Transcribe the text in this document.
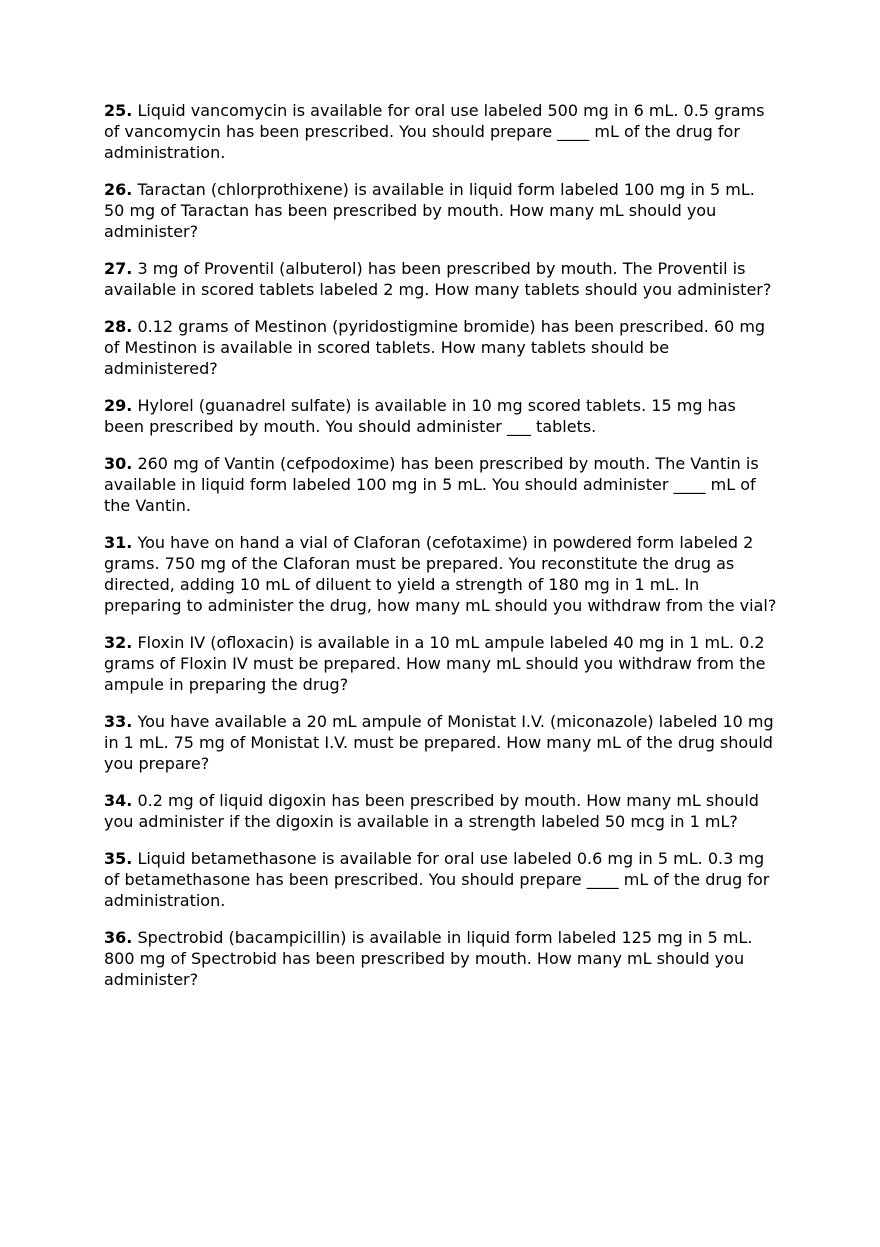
25. Liquid vancomycin is available for oral use labeled 500 mg in 6 mL. 0.5 grams of vancomycin has been prescribed. You should prepare ____ mL of the drug for administration.

26. Taractan (chlorprothixene) is available in liquid form labeled 100 mg in 5 mL. 50 mg of Taractan has been prescribed by mouth. How many mL should you administer?

27. 3 mg of Proventil (albuterol) has been prescribed by mouth. The Proventil is available in scored tablets labeled 2 mg. How many tablets should you administer?

28. 0.12 grams of Mestinon (pyridostigmine bromide) has been prescribed. 60 mg of Mestinon is available in scored tablets. How many tablets should be administered?

29. Hylorel (guanadrel sulfate) is available in 10 mg scored tablets. 15 mg has been prescribed by mouth. You should administer ___ tablets.

30. 260 mg of Vantin (cefpodoxime) has been prescribed by mouth. The Vantin is available in liquid form labeled 100 mg in 5 mL. You should administer ____ mL of the Vantin.

31. You have on hand a vial of Claforan (cefotaxime) in powdered form labeled 2 grams. 750 mg of the Claforan must be prepared. You reconstitute the drug as directed, adding 10 mL of diluent to yield a strength of 180 mg in 1 mL. In preparing to administer the drug, how many mL should you withdraw from the vial?

32. Floxin IV (ofloxacin) is available in a 10 mL ampule labeled 40 mg in 1 mL. 0.2 grams of Floxin IV must be prepared. How many mL should you withdraw from the ampule in preparing the drug?

33. You have available a 20 mL ampule of Monistat I.V. (miconazole) labeled 10 mg in 1 mL. 75 mg of Monistat I.V. must be prepared. How many mL of the drug should you prepare?

34. 0.2 mg of liquid digoxin has been prescribed by mouth. How many mL should you administer if the digoxin is available in a strength labeled 50 mcg in 1 mL?

35. Liquid betamethasone is available for oral use labeled 0.6 mg in 5 mL. 0.3 mg of betamethasone has been prescribed. You should prepare ____ mL of the drug for administration.

36. Spectrobid (bacampicillin) is available in liquid form labeled 125 mg in 5 mL. 800 mg of Spectrobid has been prescribed by mouth. How many mL should you administer?
